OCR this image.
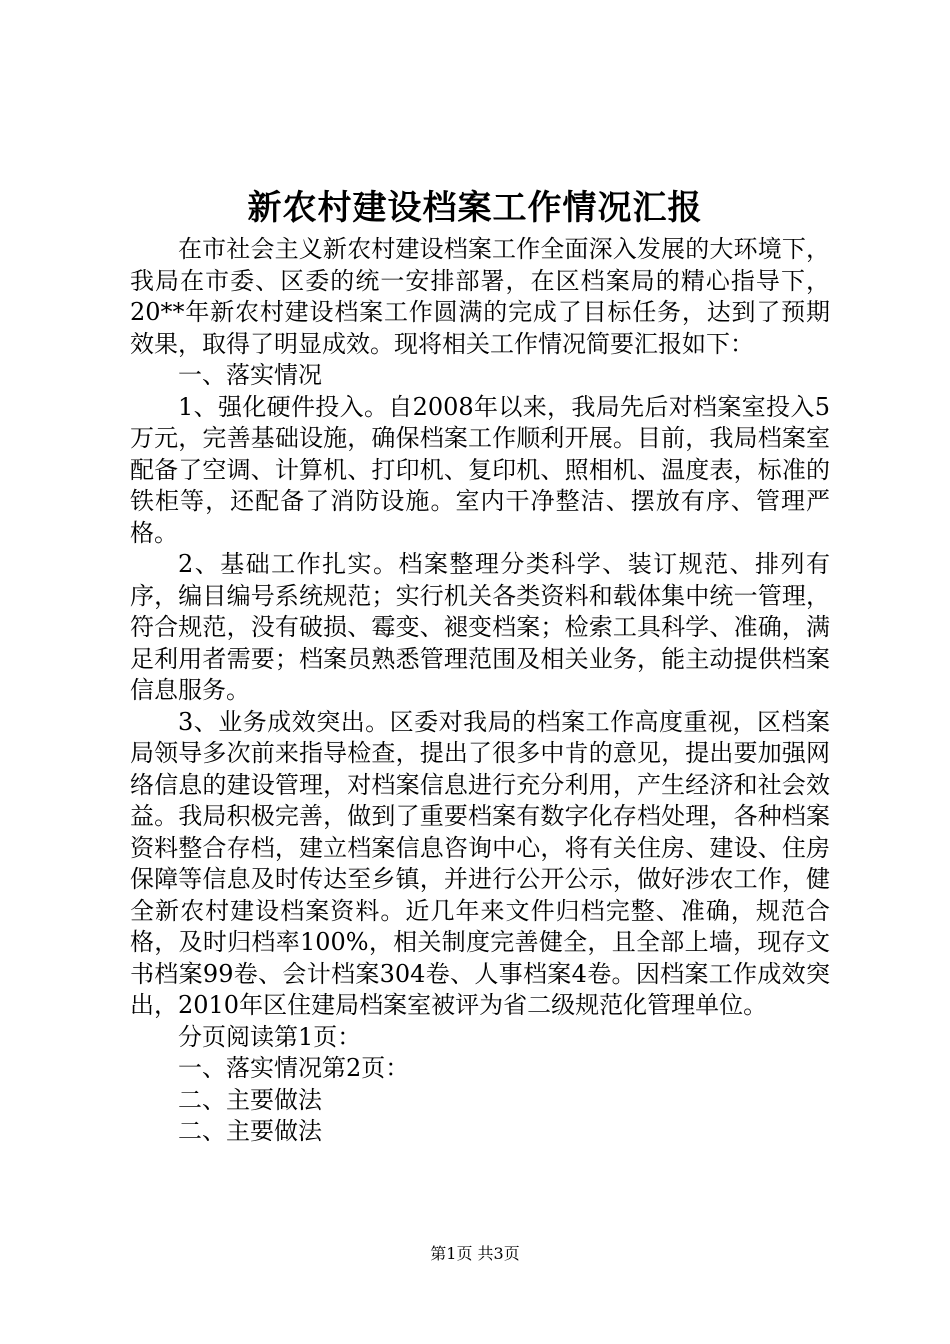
新农村建设档案工作情况汇报

在市社会主义新农村建设档案工作全面深入发展的大环境下，我局在市委、区委的统一安排部署，在区档案局的精心指导下，20**年新农村建设档案工作圆满的完成了目标任务，达到了预期效果，取得了明显成效。现将相关工作情况简要汇报如下：

一、落实情况

1、强化硬件投入。自2008年以来，我局先后对档案室投入5万元，完善基础设施，确保档案工作顺利开展。目前，我局档案室配备了空调、计算机、打印机、复印机、照相机、温度表，标准的铁柜等，还配备了消防设施。室内干净整洁、摆放有序、管理严格。

2、基础工作扎实。档案整理分类科学、装订规范、排列有序，编目编号系统规范；实行机关各类资料和载体集中统一管理，符合规范，没有破损、霉变、褪变档案；检索工具科学、准确，满足利用者需要；档案员熟悉管理范围及相关业务，能主动提供档案信息服务。

3、业务成效突出。区委对我局的档案工作高度重视，区档案局领导多次前来指导检查，提出了很多中肯的意见，提出要加强网络信息的建设管理，对档案信息进行充分利用，产生经济和社会效益。我局积极完善，做到了重要档案有数字化存档处理，各种档案资料整合存档，建立档案信息咨询中心，将有关住房、建设、住房保障等信息及时传达至乡镇，并进行公开公示，做好涉农工作，健全新农村建设档案资料。近几年来文件归档完整、准确，规范合格，及时归档率100%，相关制度完善健全，且全部上墙，现存文书档案99卷、会计档案304卷、人事档案4卷。因档案工作成效突出，2010年区住建局档案室被评为省二级规范化管理单位。

分页阅读第1页：

一、落实情况第2页：

二、主要做法

二、主要做法

第1页 共3页
